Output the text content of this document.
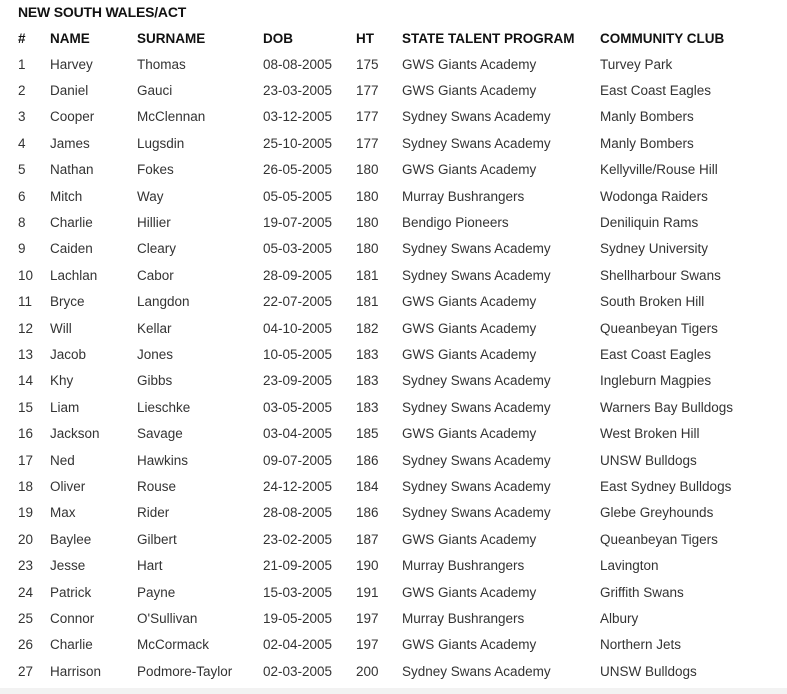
NEW SOUTH WALES/ACT
#	NAME	SURNAME	DOB	HT	STATE TALENT PROGRAM	COMMUNITY CLUB
1	Harvey	Thomas	08-08-2005	175	GWS Giants Academy	Turvey Park
2	Daniel	Gauci	23-03-2005	177	GWS Giants Academy	East Coast Eagles
3	Cooper	McClennan	03-12-2005	177	Sydney Swans Academy	Manly Bombers
4	James	Lugsdin	25-10-2005	177	Sydney Swans Academy	Manly Bombers
5	Nathan	Fokes	26-05-2005	180	GWS Giants Academy	Kellyville/Rouse Hill
6	Mitch	Way	05-05-2005	180	Murray Bushrangers	Wodonga Raiders
8	Charlie	Hillier	19-07-2005	180	Bendigo Pioneers	Deniliquin Rams
9	Caiden	Cleary	05-03-2005	180	Sydney Swans Academy	Sydney University
10	Lachlan	Cabor	28-09-2005	181	Sydney Swans Academy	Shellharbour Swans
11	Bryce	Langdon	22-07-2005	181	GWS Giants Academy	South Broken Hill
12	Will	Kellar	04-10-2005	182	GWS Giants Academy	Queanbeyan Tigers
13	Jacob	Jones	10-05-2005	183	GWS Giants Academy	East Coast Eagles
14	Khy	Gibbs	23-09-2005	183	Sydney Swans Academy	Ingleburn Magpies
15	Liam	Lieschke	03-05-2005	183	Sydney Swans Academy	Warners Bay Bulldogs
16	Jackson	Savage	03-04-2005	185	GWS Giants Academy	West Broken Hill
17	Ned	Hawkins	09-07-2005	186	Sydney Swans Academy	UNSW Bulldogs
18	Oliver	Rouse	24-12-2005	184	Sydney Swans Academy	East Sydney Bulldogs
19	Max	Rider	28-08-2005	186	Sydney Swans Academy	Glebe Greyhounds
20	Baylee	Gilbert	23-02-2005	187	GWS Giants Academy	Queanbeyan Tigers
23	Jesse	Hart	21-09-2005	190	Murray Bushrangers	Lavington
24	Patrick	Payne	15-03-2005	191	GWS Giants Academy	Griffith Swans
25	Connor	O'Sullivan	19-05-2005	197	Murray Bushrangers	Albury
26	Charlie	McCormack	02-04-2005	197	GWS Giants Academy	Northern Jets
27	Harrison	Podmore-Taylor	02-03-2005	200	Sydney Swans Academy	UNSW Bulldogs
